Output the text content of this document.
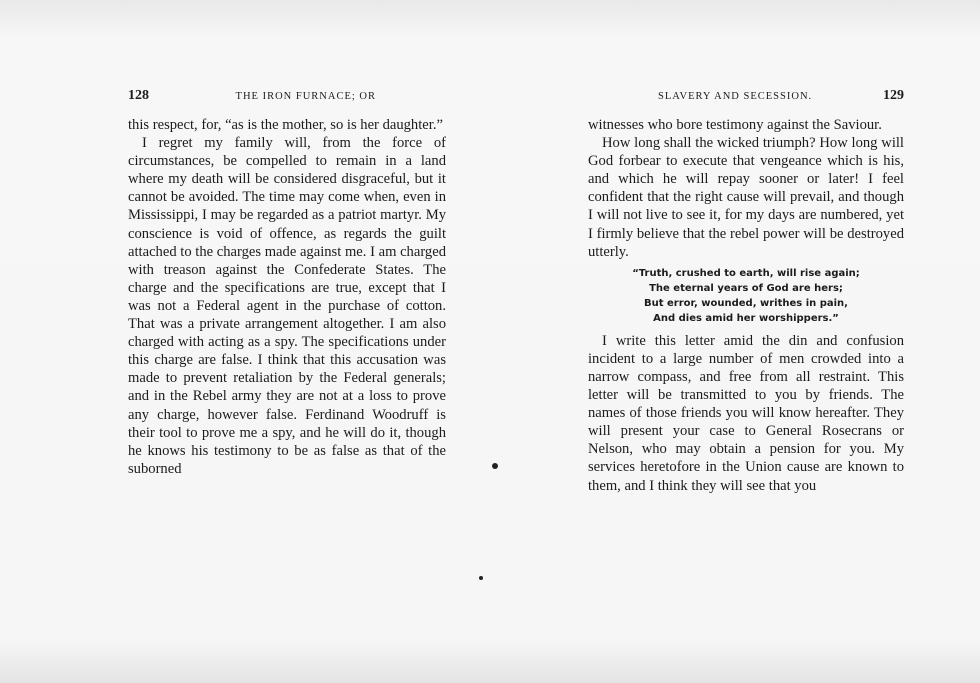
128	THE IRON FURNACE; OR

this respect, for, “as is the mother, so is her daughter.”

I regret my family will, from the force of circumstances, be compelled to remain in a land where my death will be considered disgraceful, but it cannot be avoided. The time may come when, even in Mississippi, I may be regarded as a patriot martyr. My conscience is void of offence, as regards the guilt attached to the charges made against me. I am charged with treason against the Confederate States. The charge and the specifications are true, except that I was not a Federal agent in the purchase of cotton. That was a private arrangement altogether. I am also charged with acting as a spy. The specifications under this charge are false. I think that this accusation was made to prevent retaliation by the Federal generals; and in the Rebel army they are not at a loss to prove any charge, however false. Ferdinand Woodruff is their tool to prove me a spy, and he will do it, though he knows his testimony to be as false as that of the suborned

SLAVERY AND SECESSION.	129

witnesses who bore testimony against the Saviour.

How long shall the wicked triumph? How long will God forbear to execute that vengeance which is his, and which he will repay sooner or later! I feel confident that the right cause will prevail, and though I will not live to see it, for my days are numbered, yet I firmly believe that the rebel power will be destroyed utterly.

“Truth, crushed to earth, will rise again;
The eternal years of God are hers;
But error, wounded, writhes in pain,
And dies amid her worshippers.”

I write this letter amid the din and confusion incident to a large number of men crowded into a narrow compass, and free from all restraint. This letter will be transmitted to you by friends. The names of those friends you will know hereafter. They will present your case to General Rosecrans or Nelson, who may obtain a pension for you. My services heretofore in the Union cause are known to them, and I think they will see that you
